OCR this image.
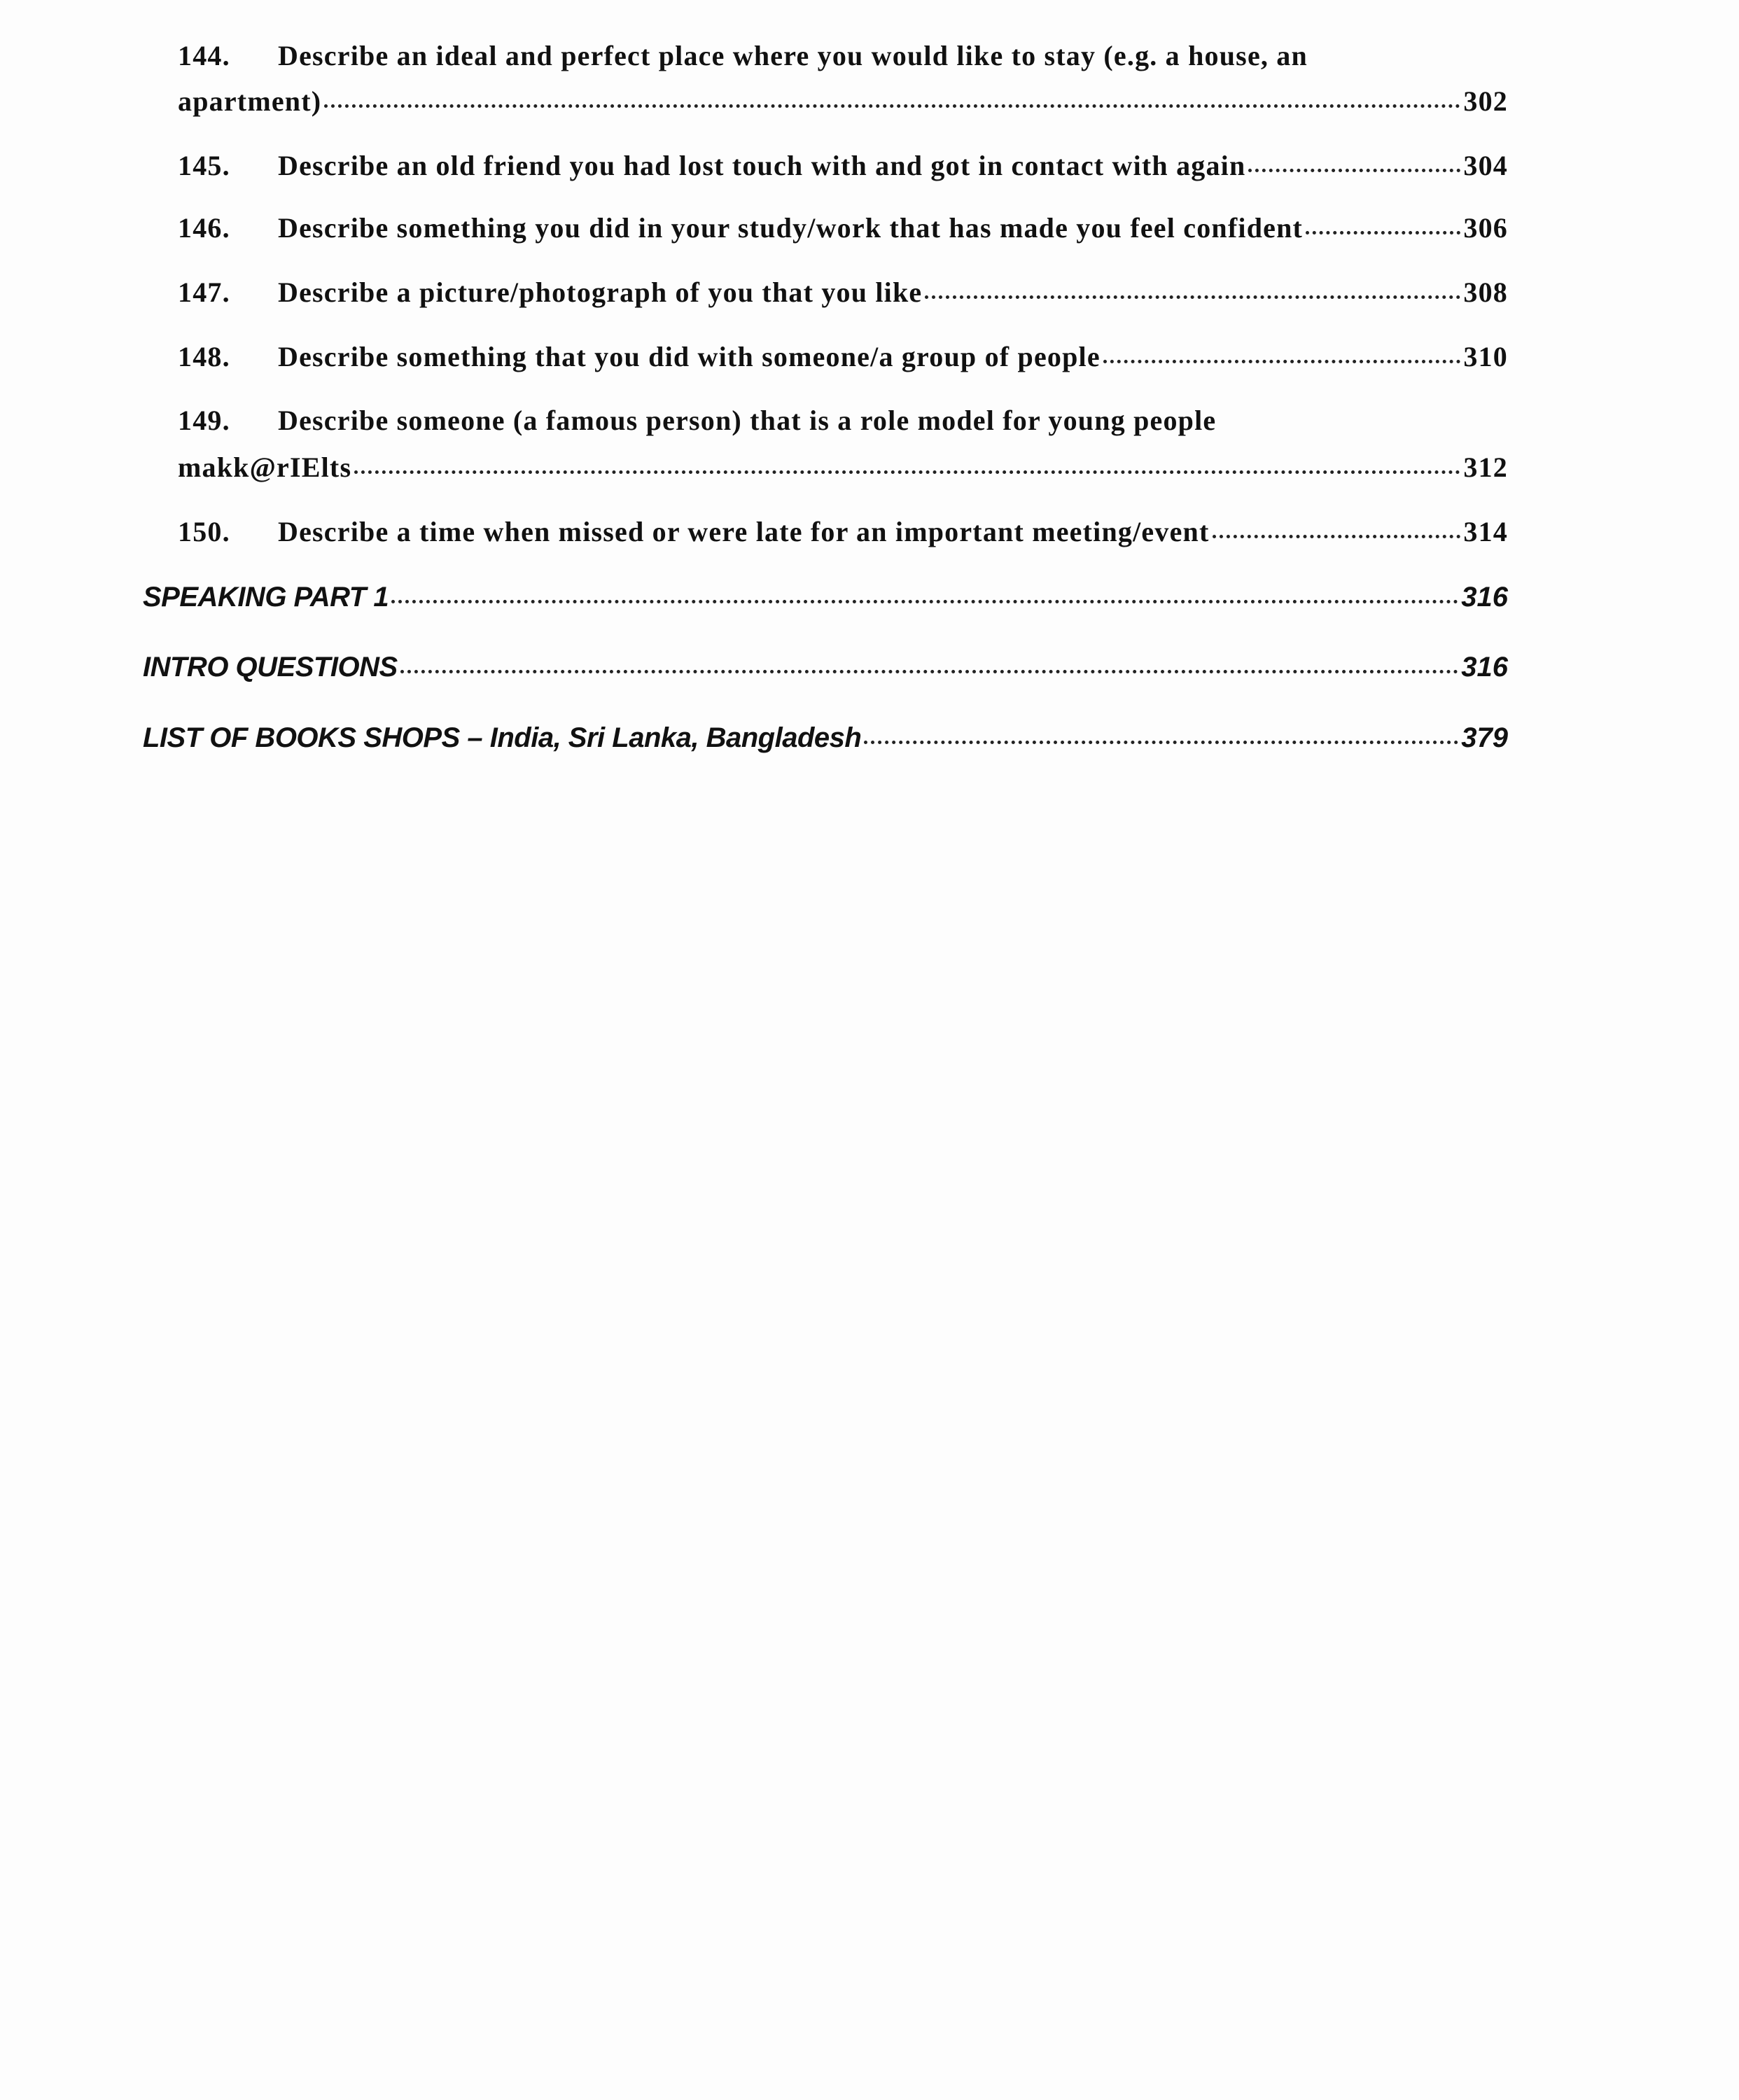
144.	Describe an ideal and perfect place where you would like to stay (e.g. a house, an
apartment)	302
145.	Describe an old friend you had lost touch with and got in contact with again	304
146.	Describe something you did in your study/work that has made you feel confident	306
147.	Describe a picture/photograph of you that you like	308
148.	Describe something that you did with someone/a group of people	310
149.	Describe someone (a famous person) that is a role model for young people
makk@rIElts	312
150.	Describe a time when missed or were late for an important meeting/event	314
SPEAKING PART 1	316
INTRO QUESTIONS	316
LIST OF BOOKS SHOPS – India, Sri Lanka, Bangladesh	379
